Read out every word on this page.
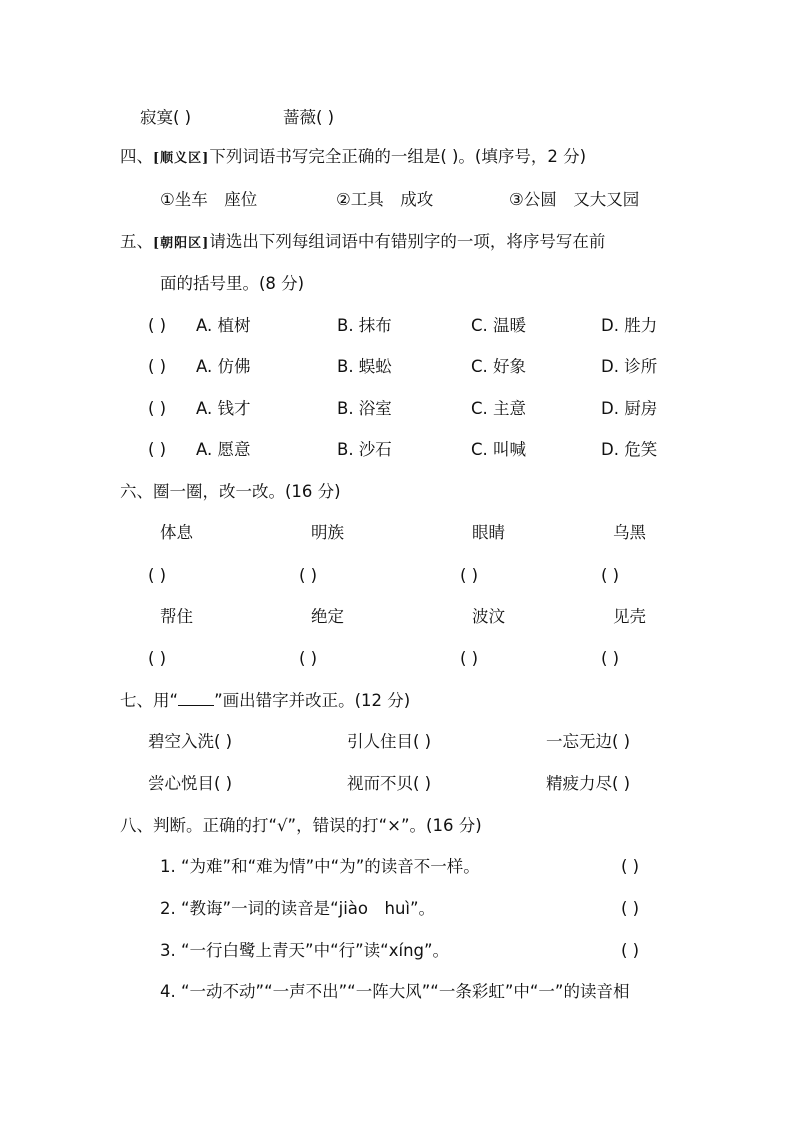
寂寞( )	蔷薇( )
四、[顺义区]下列词语书写完全正确的一组是( )。(填序号，2 分)
①坐车　座位	②工具　成攻	③公圆　又大又园
五、[朝阳区]请选出下列每组词语中有错别字的一项，将序号写在前
面的括号里。(8 分)
( ) A. 植树	B. 抹布	C. 温暖	D. 胜力
( ) A. 仿佛	B. 蜈蚣	C. 好象	D. 诊所
( ) A. 钱才	B. 浴室	C. 主意	D. 厨房
( ) A. 愿意	B. 沙石	C. 叫喊	D. 危笑
六、圈一圈，改一改。(16 分)
体息	明族	眼睛	乌黑
( )	( )	( )	( )
帮住	绝定	波汶	见壳
( )	( )	( )	( )
七、用“ ”画出错字并改正。(12 分)
碧空入洗( )	引人住目( )	一忘无边( )
尝心悦目( )	视而不贝( )	精疲力尽( )
八、判断。正确的打“√”，错误的打“×”。(16 分)
1. “为难”和“难为情”中“为”的读音不一样。	( )
2. “教诲”一词的读音是“jiào　huì”。	( )
3. “一行白鹭上青天”中“行”读“xíng”。	( )
4. “一动不动”“一声不出”“一阵大风”“一条彩虹”中“一”的读音相
